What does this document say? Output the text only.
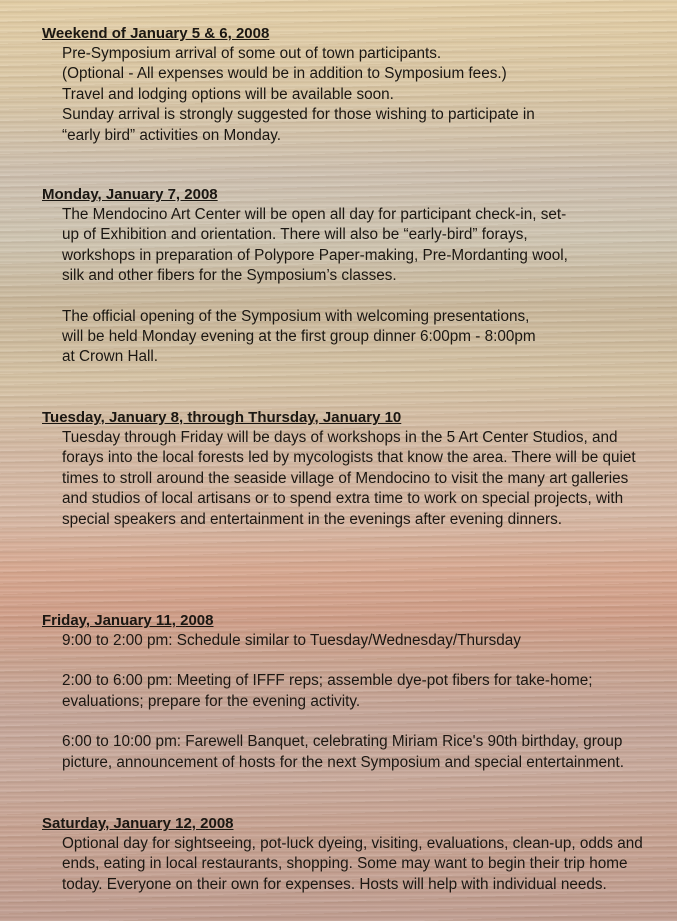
Weekend of January 5 & 6, 2008

Pre-Symposium arrival of some out of town participants.

(Optional - All expenses would be in addition to Symposium fees.)

Travel and lodging options will be available soon.

Sunday arrival is strongly suggested for those wishing to participate in “early bird” activities on Monday.

Monday, January 7, 2008

The Mendocino Art Center will be open all day for participant check-in, set-up of Exhibition and orientation. There will also be “early-bird” forays, workshops in preparation of Polypore Paper-making, Pre-Mordanting wool, silk and other fibers for the Symposium’s classes.

The official opening of the Symposium with welcoming presentations, will be held Monday evening at the first group dinner 6:00pm - 8:00pm at Crown Hall.

Tuesday, January 8, through Thursday, January 10

Tuesday through Friday will be days of workshops in the 5 Art Center Studios, and forays into the local forests led by mycologists that know the area. There will be quiet times to stroll around the seaside village of Mendocino to visit the many art galleries and studios of local artisans or to spend extra time to work on special projects, with special speakers and entertainment in the evenings after evening dinners.

Friday, January 11, 2008

9:00 to 2:00 pm: Schedule similar to Tuesday/Wednesday/Thursday

2:00 to 6:00 pm: Meeting of IFFF reps; assemble dye-pot fibers for take-home; evaluations; prepare for the evening activity.

6:00 to 10:00 pm: Farewell Banquet, celebrating Miriam Rice's 90th birthday, group picture, announcement of hosts for the next Symposium and special entertainment.

Saturday, January 12, 2008

Optional day for sightseeing, pot-luck dyeing, visiting, evaluations, clean-up, odds and ends, eating in local restaurants, shopping. Some may want to begin their trip home today. Everyone on their own for expenses. Hosts will help with individual needs.
